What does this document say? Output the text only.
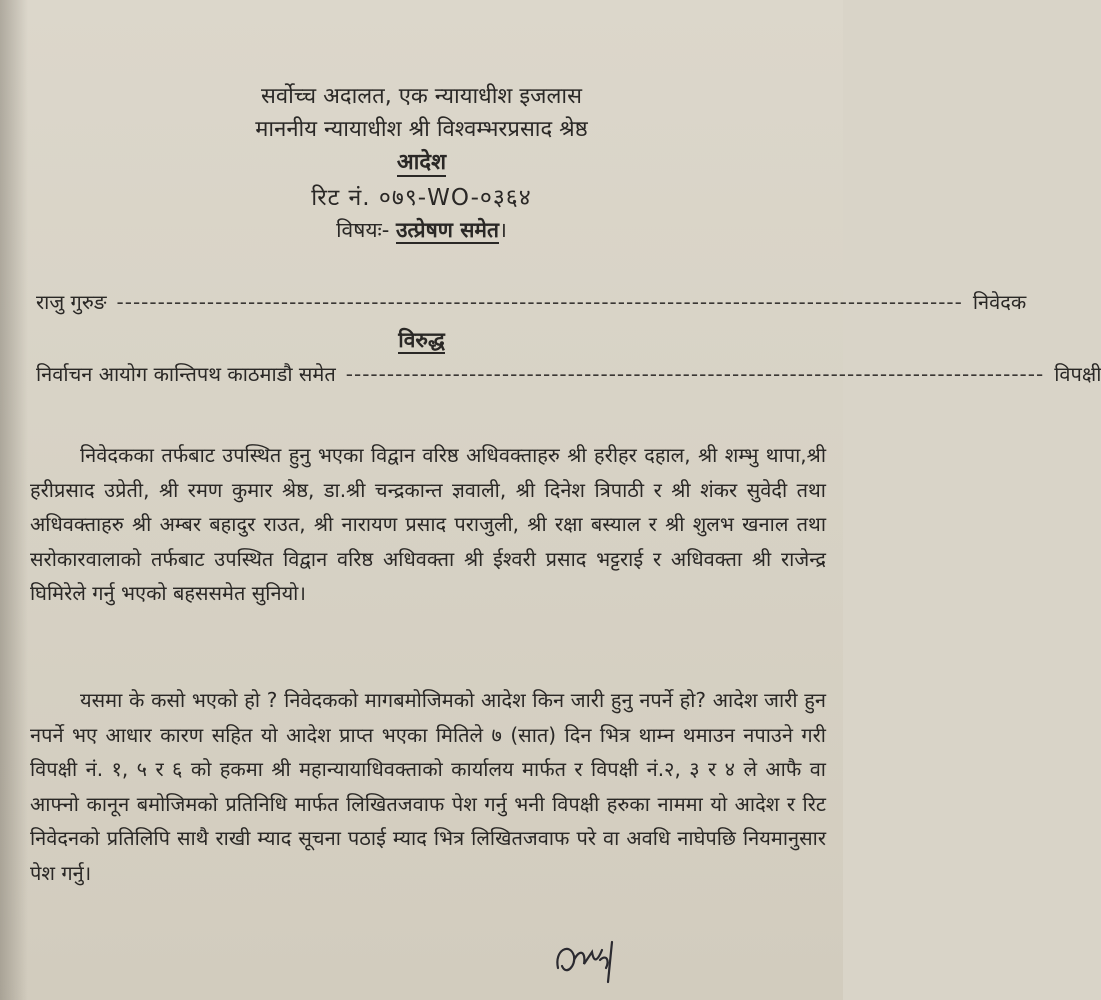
सर्वोच्च अदालत, एक न्यायाधीश इजलास
माननीय न्यायाधीश श्री विश्वम्भरप्रसाद श्रेष्ठ
आदेश
रिट नं. ०७९-WO-०३६४
विषयः- उत्प्रेषण समेत।
राजु गुरुङ ------------------------------------------------------------------------------------------------------- निवेदक
विरुद्ध
निर्वाचन आयोग कान्तिपथ काठमाडौ समेत ------------------------------------------------------------------------------------- विपक्षी

निवेदकका तर्फबाट उपस्थित हुनु भएका विद्वान वरिष्ठ अधिवक्ताहरु श्री हरीहर दहाल, श्री शम्भु थापा,श्री हरीप्रसाद उप्रेती, श्री रमण कुमार श्रेष्ठ, डा.श्री चन्द्रकान्त ज्ञवाली, श्री दिनेश त्रिपाठी र श्री शंकर सुवेदी तथा अधिवक्ताहरु श्री अम्बर बहादुर राउत, श्री नारायण प्रसाद पराजुली, श्री रक्षा बस्याल र श्री शुलभ खनाल तथा सरोकारवालाको तर्फबाट उपस्थित विद्वान वरिष्ठ अधिवक्ता श्री ईश्वरी प्रसाद भट्टराई र अधिवक्ता श्री राजेन्द्र घिमिरेले गर्नु भएको बहससमेत सुनियो।

यसमा के कसो भएको हो ? निवेदकको मागबमोजिमको आदेश किन जारी हुनु नपर्ने हो? आदेश जारी हुन नपर्ने भए आधार कारण सहित यो आदेश प्राप्त भएका मितिले ७ (सात) दिन भित्र थाम्न थमाउन नपाउने गरी विपक्षी नं. १, ५ र ६ को हकमा श्री महान्यायाधिवक्ताको कार्यालय मार्फत र विपक्षी नं.२, ३ र ४ ले आफै वा आफ्नो कानून बमोजिमको प्रतिनिधि मार्फत लिखितजवाफ पेश गर्नु भनी विपक्षी हरुका नाममा यो आदेश र रिट निवेदनको प्रतिलिपि साथै राखी म्याद सूचना पठाई म्याद भित्र लिखितजवाफ परे वा अवधि नाघेपछि नियमानुसार पेश गर्नु।
